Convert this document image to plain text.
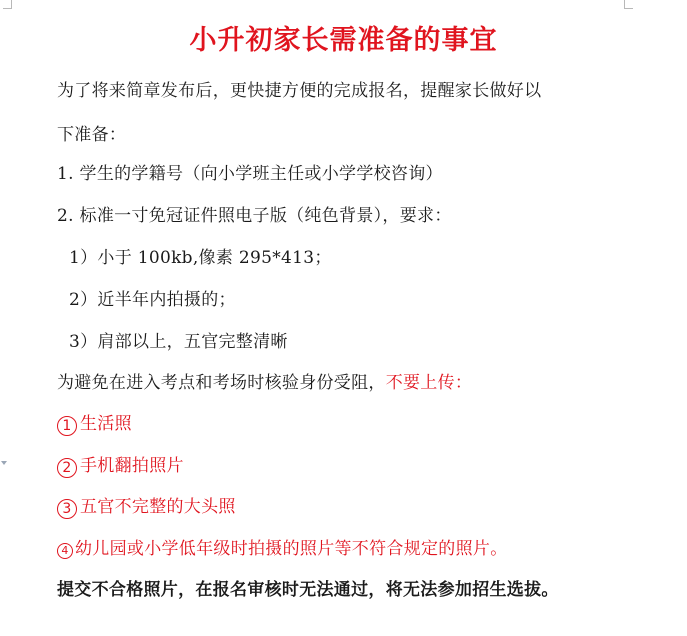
小升初家长需准备的事宜
为了将来简章发布后，更快捷方便的完成报名，提醒家长做好以
下准备：
1. 学生的学籍号（向小学班主任或小学学校咨询）
2. 标准一寸免冠证件照电子版（纯色背景），要求：
1）小于 100kb,像素 295*413；
2）近半年内拍摄的；
3）肩部以上，五官完整清晰
为避免在进入考点和考场时核验身份受阻，不要上传：
1 生活照
2 手机翻拍照片
3 五官不完整的大头照
4 幼儿园或小学低年级时拍摄的照片等不符合规定的照片。
提交不合格照片，在报名审核时无法通过，将无法参加招生选拔。
